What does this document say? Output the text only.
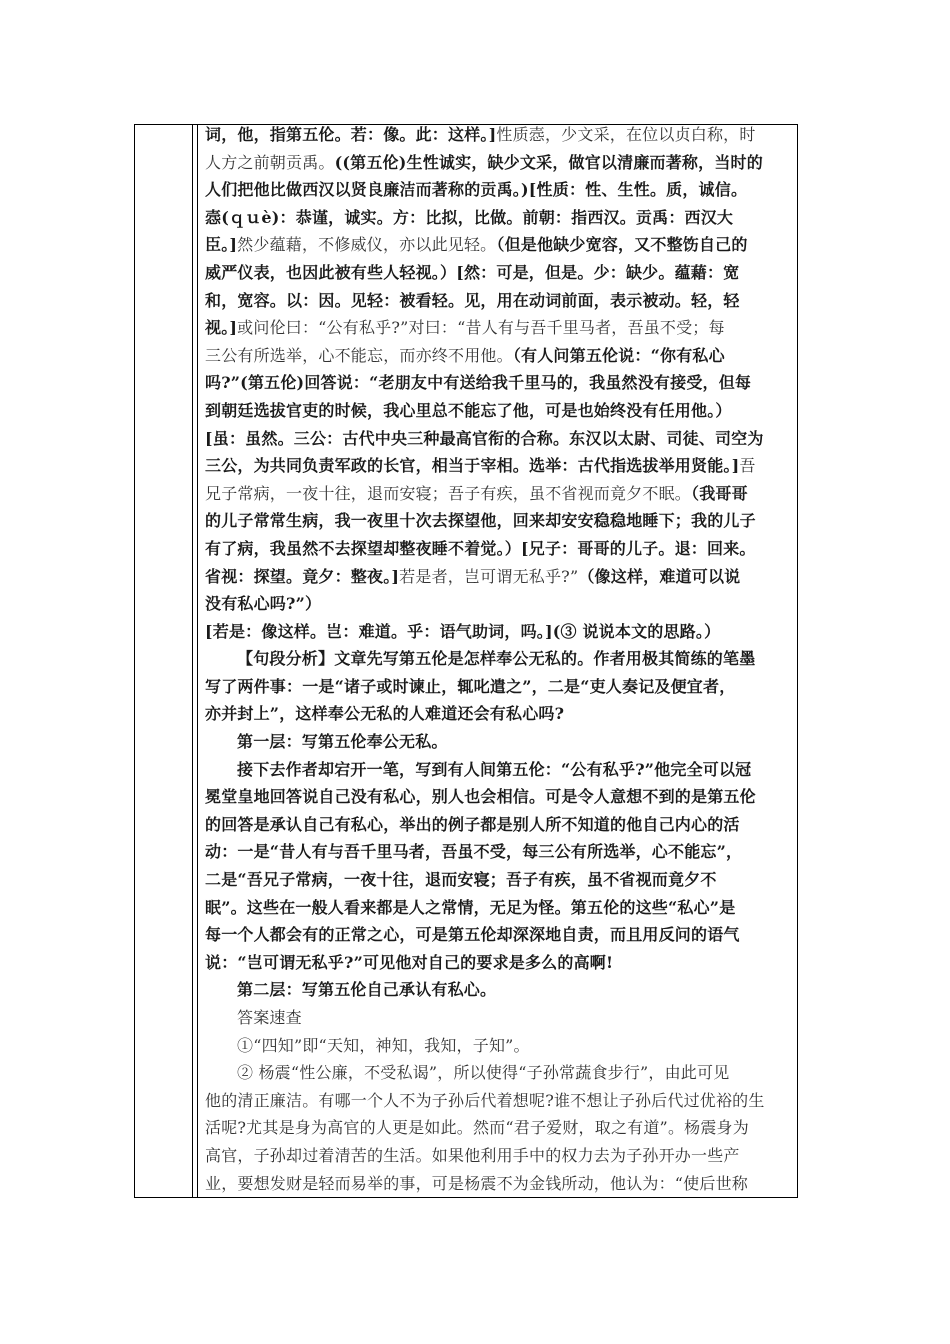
词，他，指第五伦。若：像。此：这样。]性质悫，少文采，在位以贞白称，时
人方之前朝贡禹。((第五伦)生性诚实，缺少文采，做官以清廉而著称，当时的
人们把他比做西汉以贤良廉洁而著称的贡禹。)[性质：性、生性。质，诚信。
悫(ｑｕè)：恭谨，诚实。方：比拟，比做。前朝：指西汉。贡禹：西汉大
臣。]然少蕴藉，不修威仪，亦以此见轻。（但是他缺少宽容，又不整饬自己的
威严仪表，也因此被有些人轻视。）[然：可是，但是。少：缺少。蕴藉：宽
和，宽容。以：因。见轻：被看轻。见，用在动词前面，表示被动。轻，轻
视。]或问伦曰：“公有私乎?”对曰：“昔人有与吾千里马者，吾虽不受；每
三公有所选举，心不能忘，而亦终不用他。（有人问第五伦说：“你有私心
吗?”(第五伦)回答说：“老朋友中有送给我千里马的，我虽然没有接受，但每
到朝廷选拔官吏的时候，我心里总不能忘了他，可是也始终没有任用他。）
[虽：虽然。三公：古代中央三种最高官衔的合称。东汉以太尉、司徒、司空为
三公，为共同负责军政的长官，相当于宰相。选举：古代指选拔举用贤能。]吾
兄子常病，一夜十往，退而安寝；吾子有疾，虽不省视而竟夕不眠。（我哥哥
的儿子常常生病，我一夜里十次去探望他，回来却安安稳稳地睡下；我的儿子
有了病，我虽然不去探望却整夜睡不着觉。）[兄子：哥哥的儿子。退：回来。
省视：探望。竟夕：整夜。]若是者，岂可谓无私乎?”（像这样，难道可以说
没有私心吗?”）
[若是：像这样。岂：难道。乎：语气助词，吗。](③ 说说本文的思路。）
【句段分析】文章先写第五伦是怎样奉公无私的。作者用极其简练的笔墨
写了两件事：一是“诸子或时谏止，辄叱遣之”，二是“吏人奏记及便宜者，
亦并封上”，这样奉公无私的人难道还会有私心吗?
第一层：写第五伦奉公无私。
接下去作者却宕开一笔，写到有人间第五伦：“公有私乎?”他完全可以冠
冕堂皇地回答说自己没有私心，别人也会相信。可是令人意想不到的是第五伦
的回答是承认自己有私心，举出的例子都是别人所不知道的他自己内心的活
动：一是“昔人有与吾千里马者，吾虽不受，每三公有所选举，心不能忘”，
二是“吾兄子常病，一夜十往，退而安寝；吾子有疾，虽不省视而竟夕不
眠”。这些在一般人看来都是人之常情，无足为怪。第五伦的这些“私心”是
每一个人都会有的正常之心，可是第五伦却深深地自责，而且用反问的语气
说：“岂可谓无私乎?”可见他对自己的要求是多么的高啊!
第二层：写第五伦自己承认有私心。
答案速查
①“四知”即“天知，神知，我知，子知”。
② 杨震“性公廉，不受私谒”，所以使得“子孙常蔬食步行”，由此可见
他的清正廉洁。有哪一个人不为子孙后代着想呢?谁不想让子孙后代过优裕的生
活呢?尤其是身为高官的人更是如此。然而“君子爱财，取之有道”。杨震身为
高官，子孙却过着清苦的生活。如果他利用手中的权力去为子孙开办一些产
业，要想发财是轻而易举的事，可是杨震不为金钱所动，他认为：“使后世称
